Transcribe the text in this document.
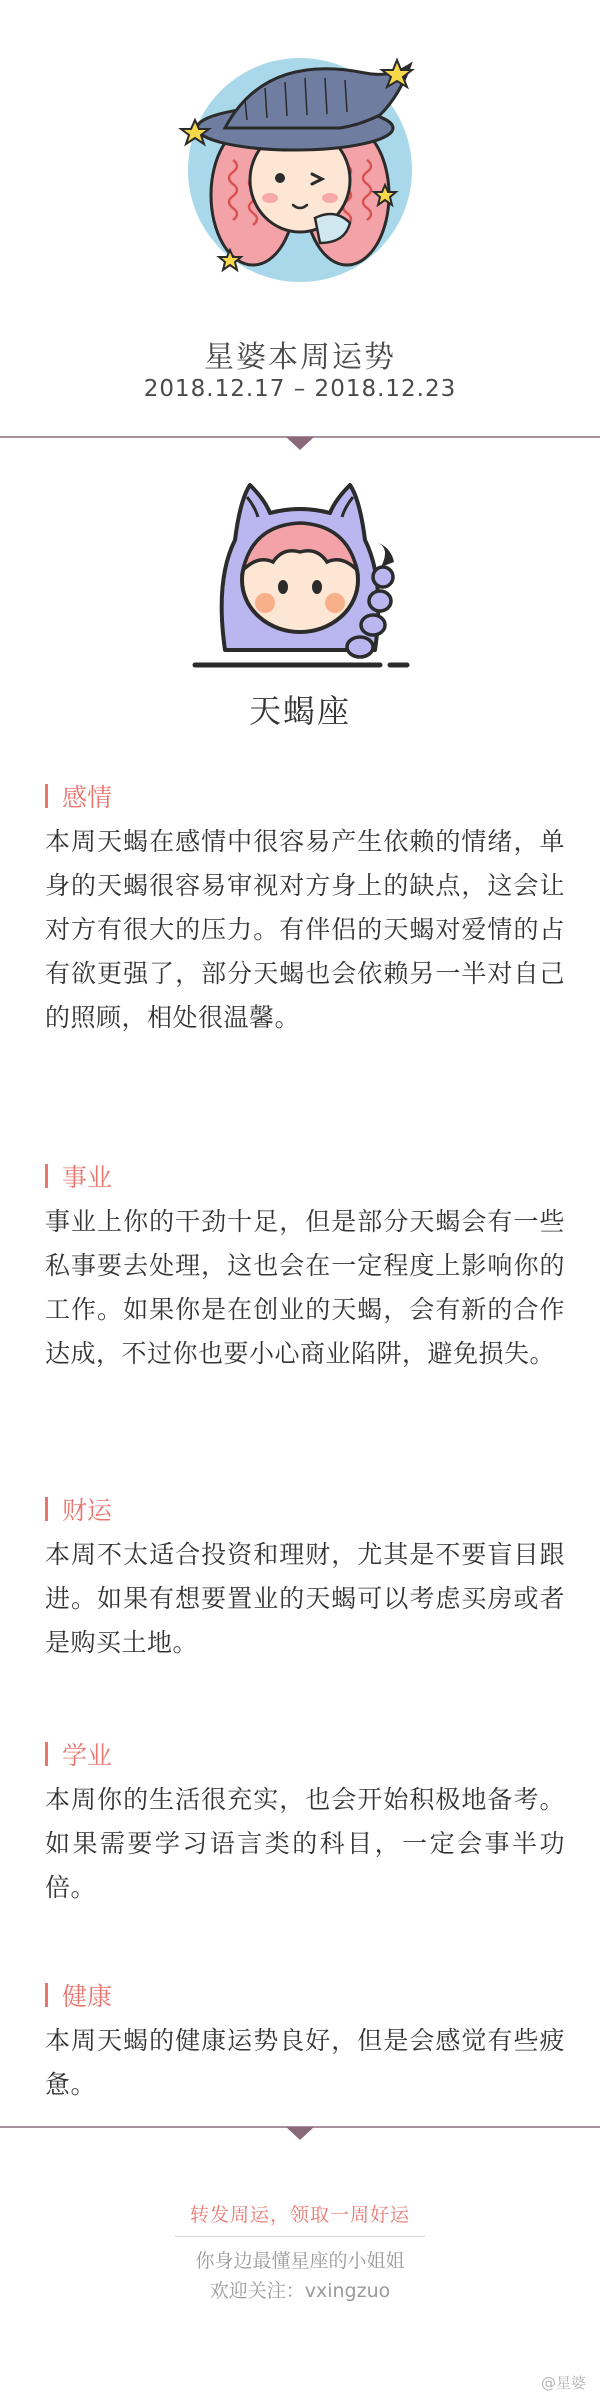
星婆本周运势
2018.12.17 – 2018.12.23
天蝎座
感情

本周天蝎在感情中很容易产生依赖的情绪，单身的天蝎很容易审视对方身上的缺点，这会让对方有很大的压力。有伴侣的天蝎对爱情的占有欲更强了，部分天蝎也会依赖另一半对自己的照顾，相处很温馨。

事业

事业上你的干劲十足，但是部分天蝎会有一些私事要去处理，这也会在一定程度上影响你的工作。如果你是在创业的天蝎，会有新的合作达成，不过你也要小心商业陷阱，避免损失。

财运

本周不太适合投资和理财，尤其是不要盲目跟进。如果有想要置业的天蝎可以考虑买房或者是购买土地。

学业

本周你的生活很充实，也会开始积极地备考。如果需要学习语言类的科目，一定会事半功倍。

健康

本周天蝎的健康运势良好，但是会感觉有些疲惫。

转发周运，领取一周好运
你身边最懂星座的小姐姐
欢迎关注：vxingzuo
@星婆
